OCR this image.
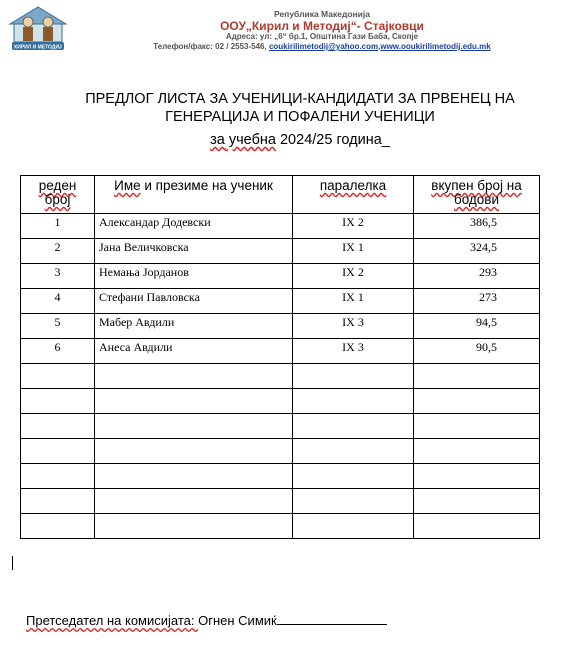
КИРИЛ И МЕТОДИЈ
Република Македонија
ООУ„Кирил и Методиј“- Стајковци
Адреса: ул: „6“ бр.1, Општина Гази Баба, Скопје
Телефон/факс: 02 / 2553-546, coukirilimetodij@yahoo.com,www.ooukirilimetodij.edu.mk
ПРЕДЛОГ ЛИСТА ЗА УЧЕНИЦИ-КАНДИДАТИ ЗА ПРВЕНЕЦ НА
ГЕНЕРАЦИЈА И ПОФАЛЕНИ УЧЕНИЦИ
за учебна 2024/25 година_
реден
број	Име и презиме на ученик	паралелка	вкупен број на
бодови
1	Александар Додевски	IX 2	386,5
2	Јана Величковска	IX 1	324,5
3	Немања Јорданов	IX 2	293
4	Стефани Павловска	IX 1	273
5	Мабер Авдили	IX 3	94,5
6	Анеса Авдили	IX 3	90,5

Претседател на комисијата: Огнен Симиќ
